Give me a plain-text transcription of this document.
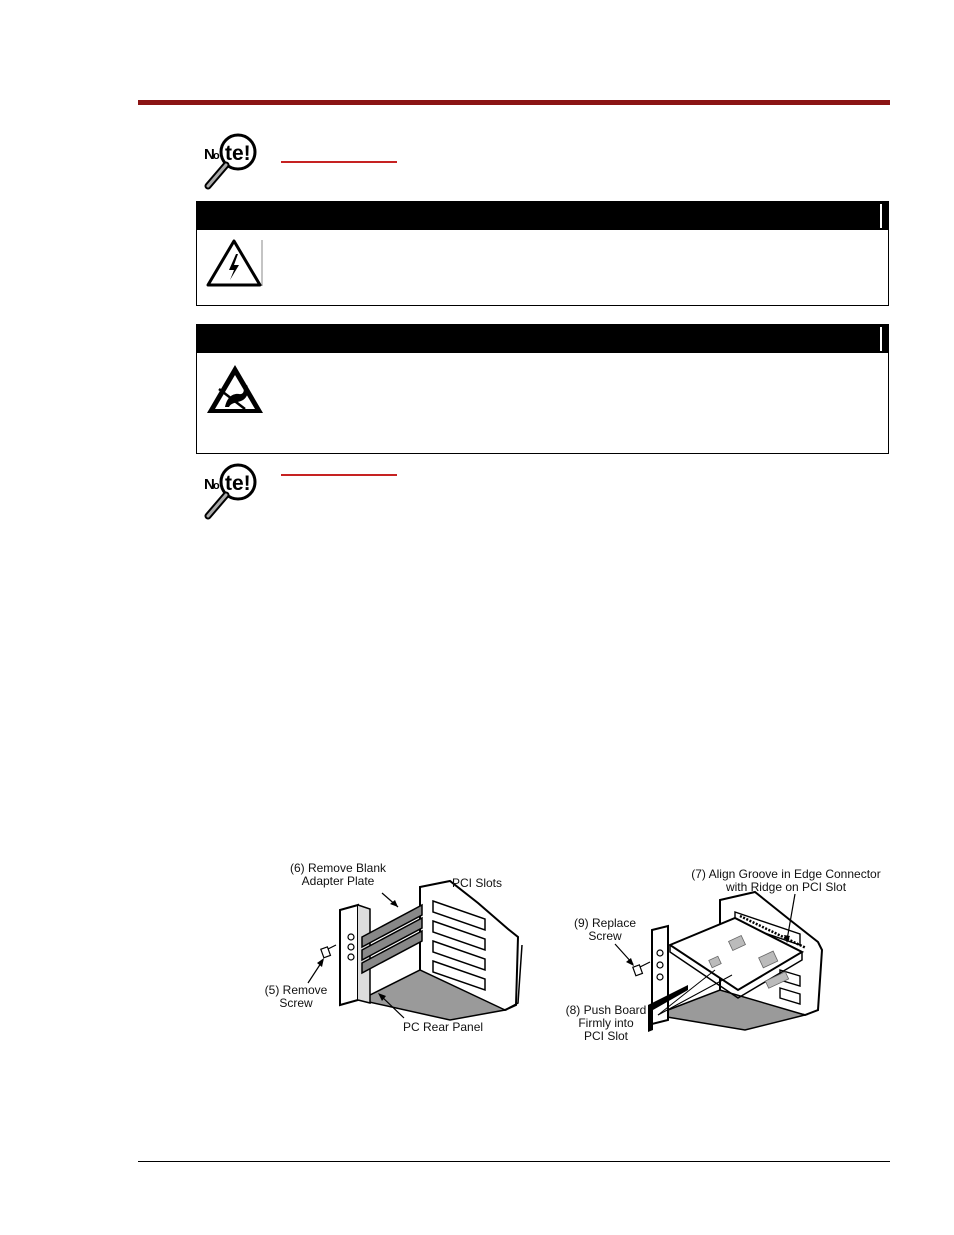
N
o te!
N
o te!
(6) Remove Blank
Adapter Plate	PCI Slots
(5) Remove
Screw
PC Rear Panel
(7) Align Groove in Edge Connector
with Ridge on PCI Slot
(9) Replace
Screw
(8) Push Board
Firmly into
PCI Slot
